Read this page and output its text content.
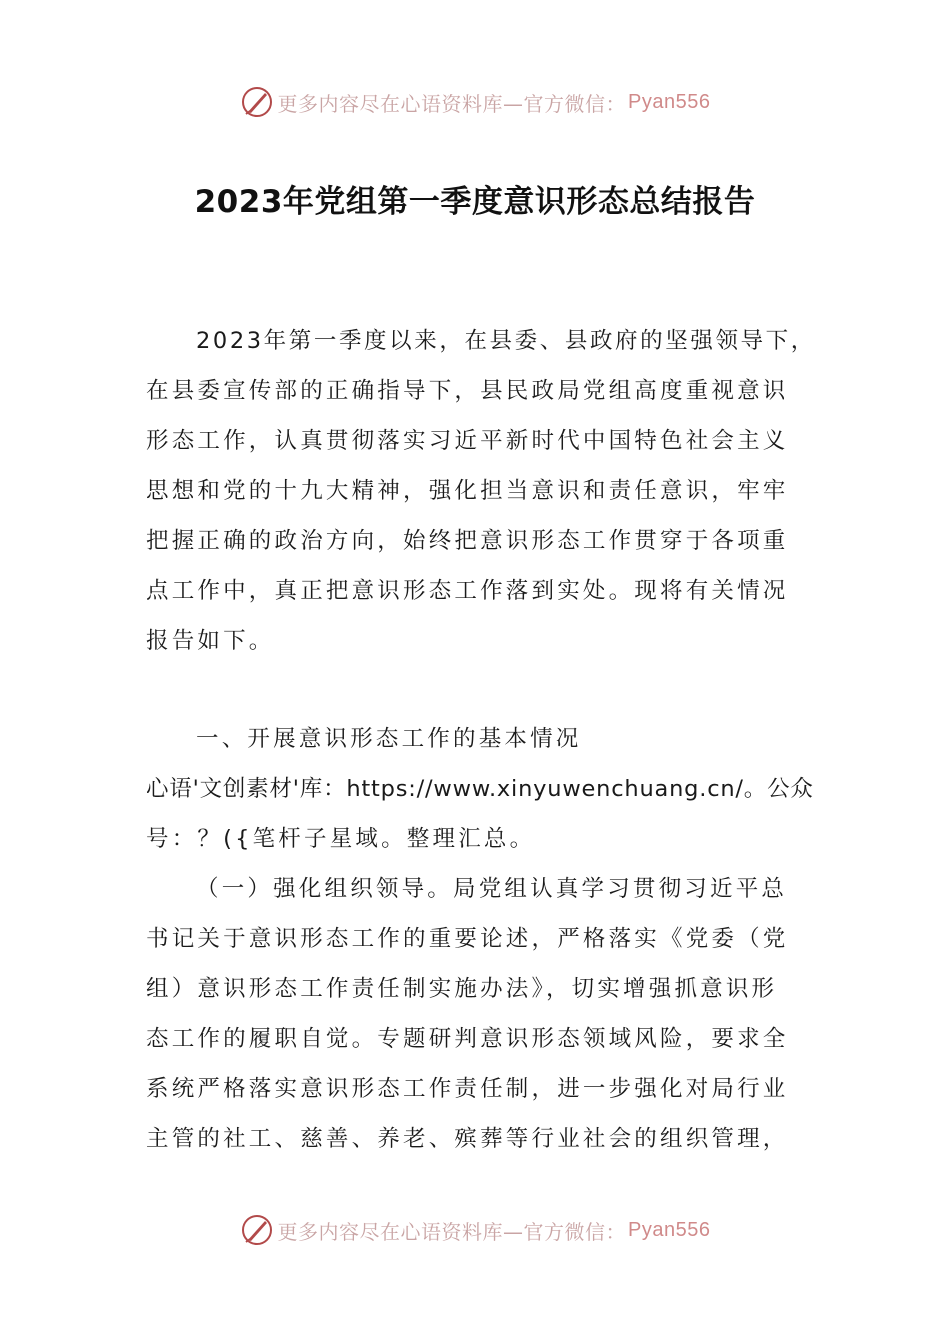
更多内容尽在心语资料库—官方微信： Pyan556
2023年党组第一季度意识形态总结报告
2023年第一季度以来，在县委、县政府的坚强领导下，
在县委宣传部的正确指导下，县民政局党组高度重视意识
形态工作，认真贯彻落实习近平新时代中国特色社会主义
思想和党的十九大精神，强化担当意识和责任意识，牢牢
把握正确的政治方向，始终把意识形态工作贯穿于各项重
点工作中，真正把意识形态工作落到实处。现将有关情况
报告如下。
一、开展意识形态工作的基本情况
心语'文创素材'库：https://www.xinyuwenchuang.cn/。公众
号：？({笔杆子星域。整理汇总。
（一）强化组织领导。局党组认真学习贯彻习近平总
书记关于意识形态工作的重要论述，严格落实《党委（党
组）意识形态工作责任制实施办法》，切实增强抓意识形
态工作的履职自觉。专题研判意识形态领域风险，要求全
系统严格落实意识形态工作责任制，进一步强化对局行业
主管的社工、慈善、养老、殡葬等行业社会的组织管理，
更多内容尽在心语资料库—官方微信： Pyan556
